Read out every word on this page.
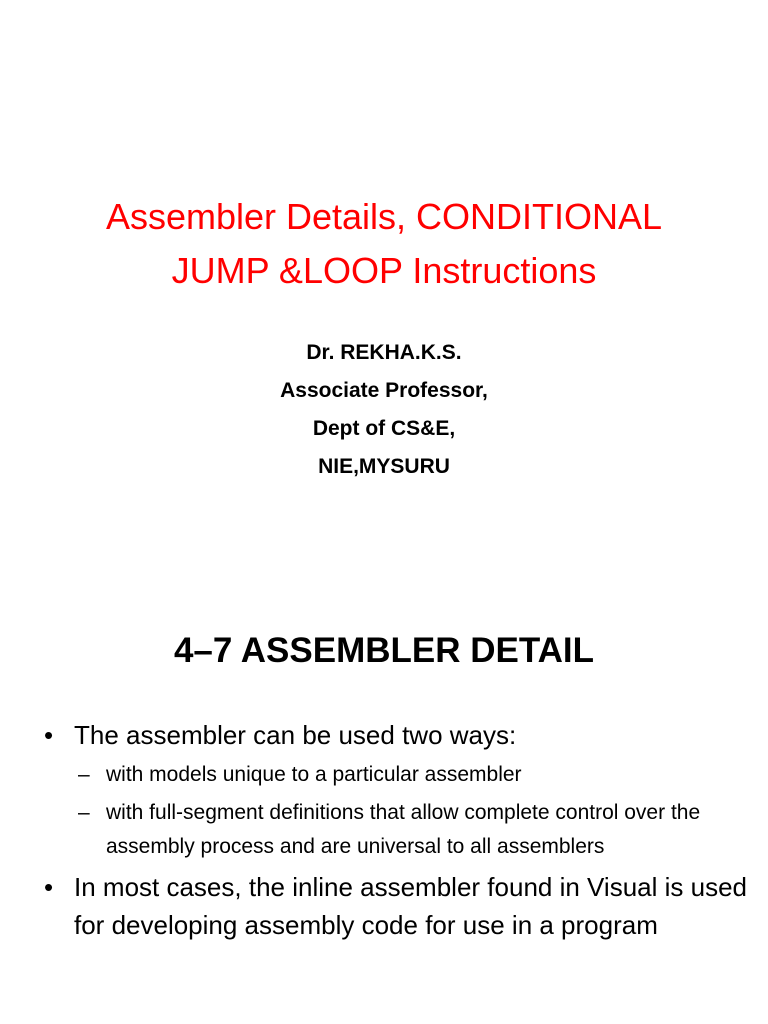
Assembler Details, CONDITIONAL
JUMP &LOOP Instructions
Dr. REKHA.K.S.
Associate Professor,
Dept of CS&E,
NIE,MYSURU
4–7 ASSEMBLER DETAIL
• The assembler can be used two ways:
– with models unique to a particular assembler
– with full-segment definitions that allow complete control over the assembly process and are universal to all assemblers
• In most cases, the inline assembler found in Visual is used for developing assembly code for use in a program
